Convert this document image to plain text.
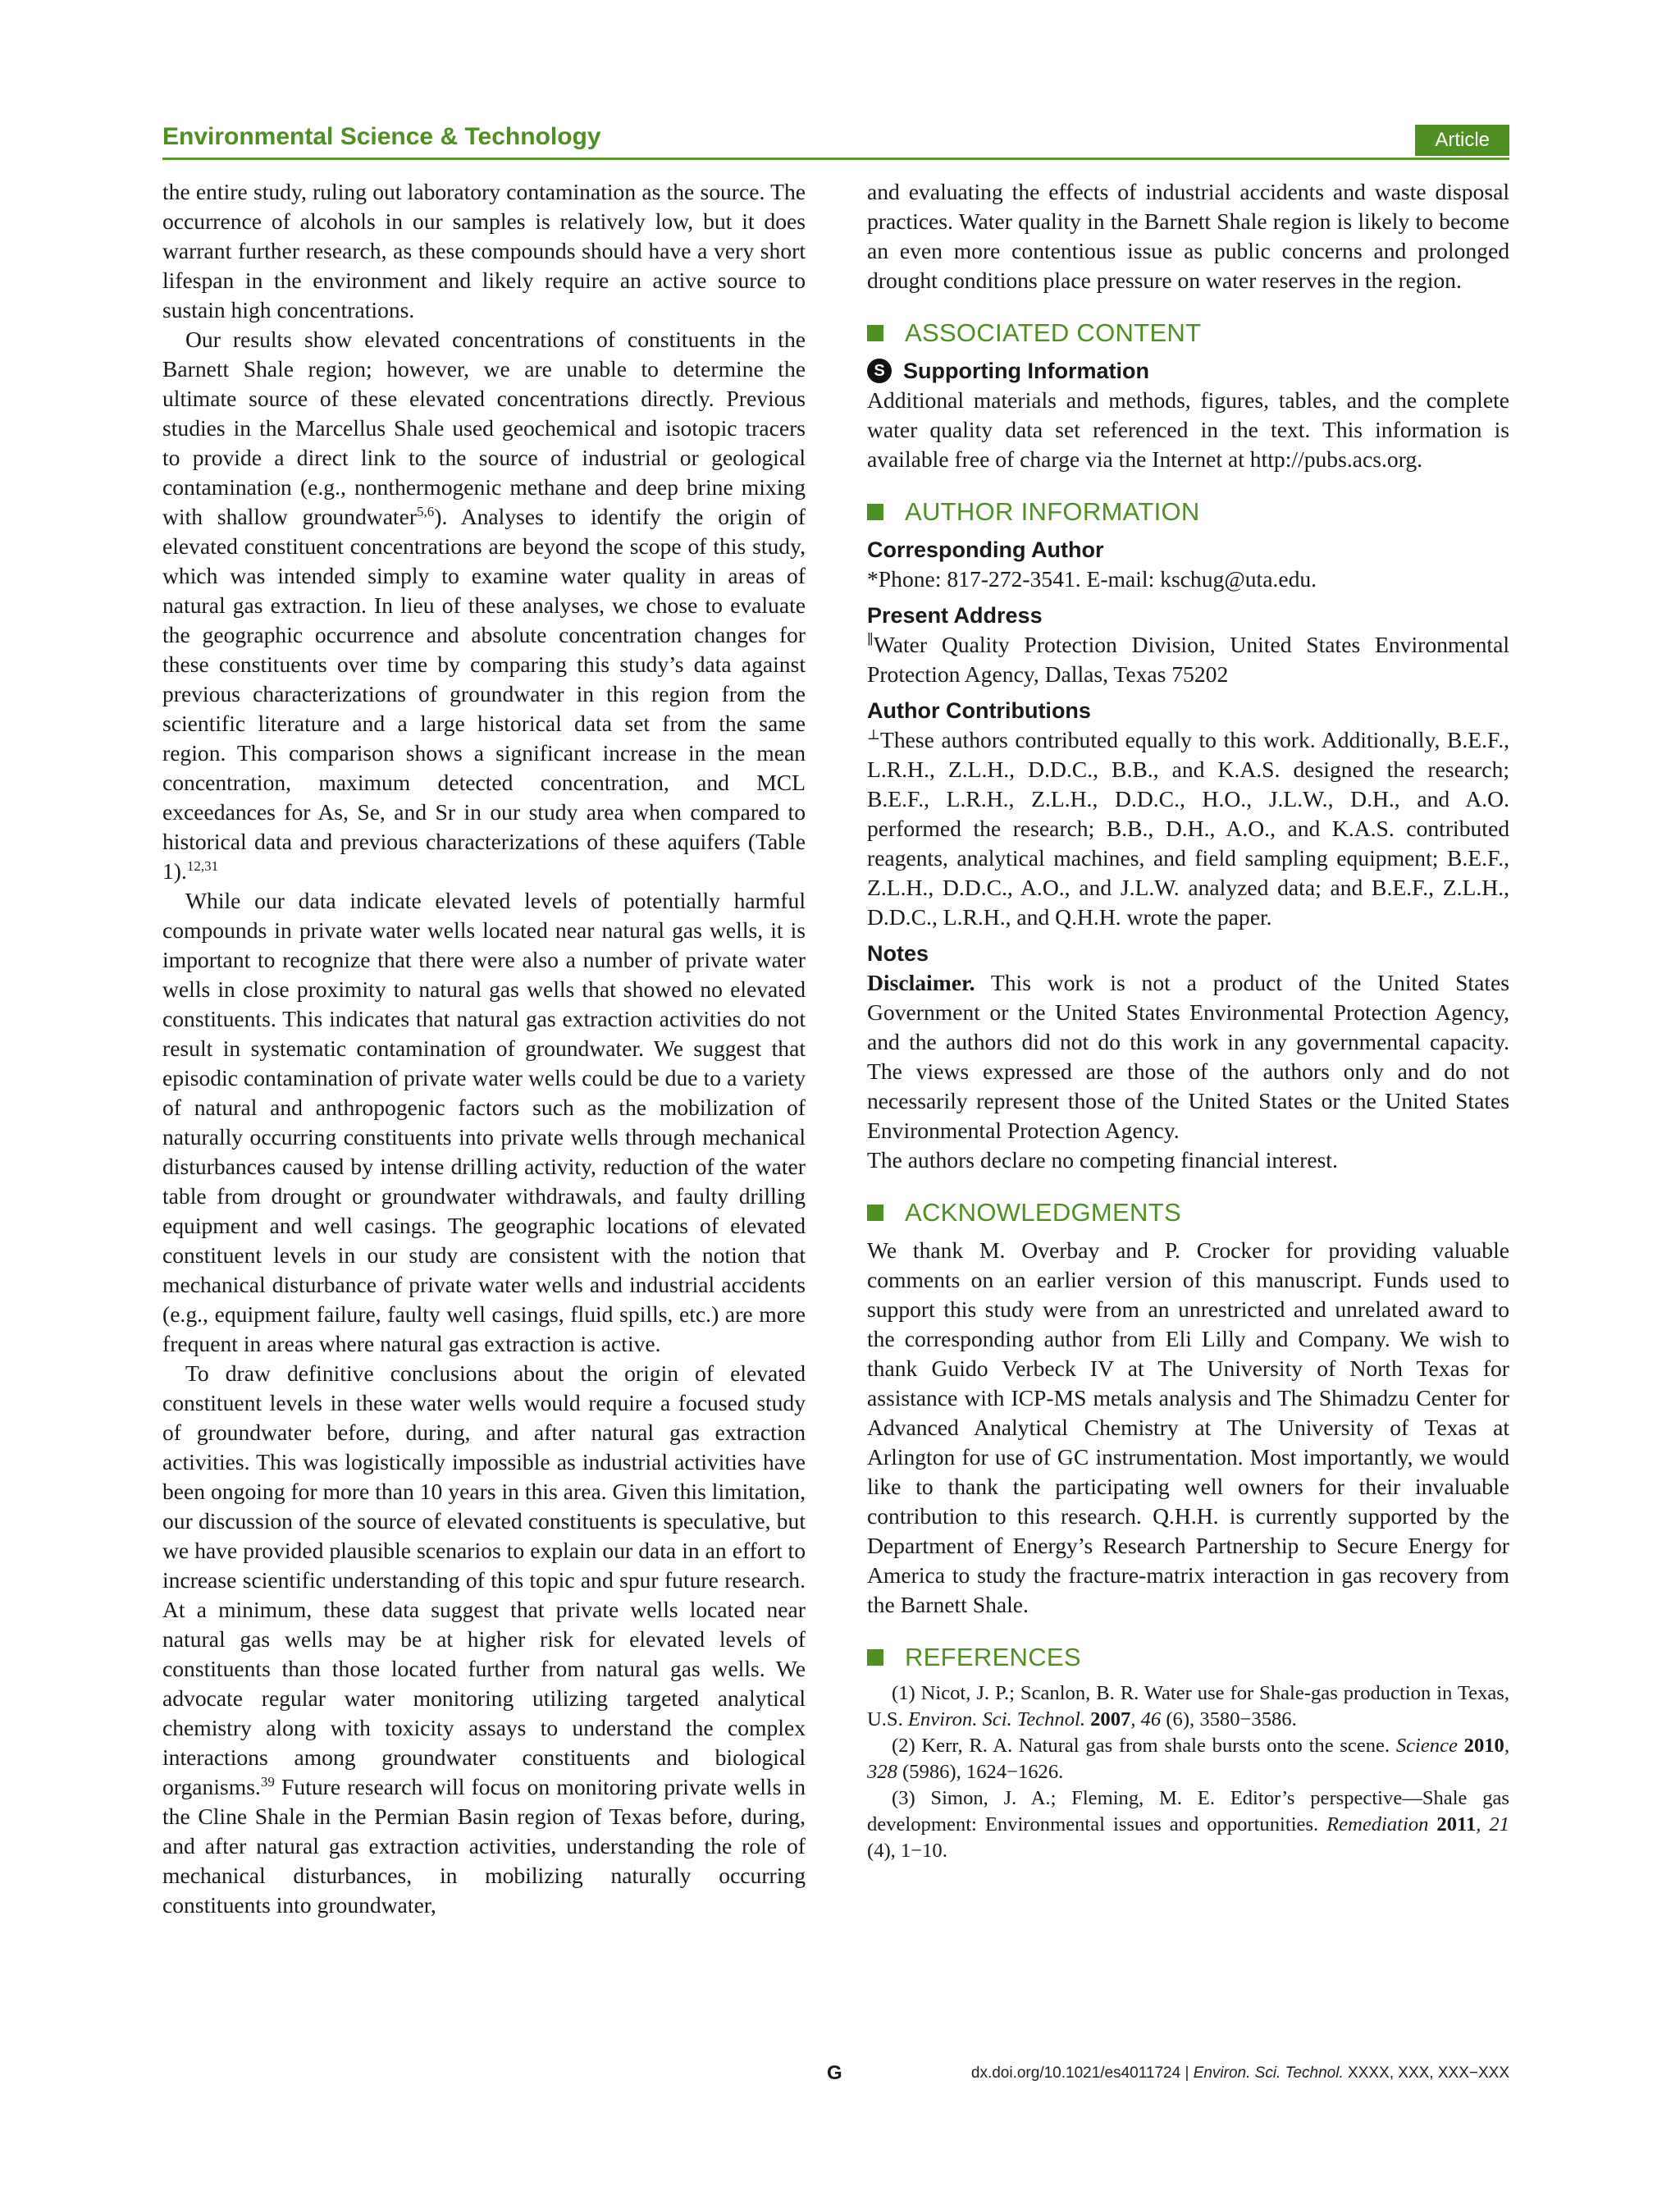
Environmental Science & Technology	Article

the entire study, ruling out laboratory contamination as the source. The occurrence of alcohols in our samples is relatively low, but it does warrant further research, as these compounds should have a very short lifespan in the environment and likely require an active source to sustain high concentrations.

Our results show elevated concentrations of constituents in the Barnett Shale region; however, we are unable to determine the ultimate source of these elevated concentrations directly. Previous studies in the Marcellus Shale used geochemical and isotopic tracers to provide a direct link to the source of industrial or geological contamination (e.g., nonthermogenic methane and deep brine mixing with shallow groundwater$^{5,6}$). Analyses to identify the origin of elevated constituent concentrations are beyond the scope of this study, which was intended simply to examine water quality in areas of natural gas extraction. In lieu of these analyses, we chose to evaluate the geographic occurrence and absolute concentration changes for these constituents over time by comparing this study’s data against previous characterizations of groundwater in this region from the scientific literature and a large historical data set from the same region. This comparison shows a significant increase in the mean concentration, maximum detected concentration, and MCL exceedances for As, Se, and Sr in our study area when compared to historical data and previous characterizations of these aquifers (Table 1).$^{12,31}$

While our data indicate elevated levels of potentially harmful compounds in private water wells located near natural gas wells, it is important to recognize that there were also a number of private water wells in close proximity to natural gas wells that showed no elevated constituents. This indicates that natural gas extraction activities do not result in systematic contamination of groundwater. We suggest that episodic contamination of private water wells could be due to a variety of natural and anthropogenic factors such as the mobilization of naturally occurring constituents into private wells through mechanical disturbances caused by intense drilling activity, reduction of the water table from drought or groundwater withdrawals, and faulty drilling equipment and well casings. The geographic locations of elevated constituent levels in our study are consistent with the notion that mechanical disturbance of private water wells and industrial accidents (e.g., equipment failure, faulty well casings, fluid spills, etc.) are more frequent in areas where natural gas extraction is active.

To draw definitive conclusions about the origin of elevated constituent levels in these water wells would require a focused study of groundwater before, during, and after natural gas extraction activities. This was logistically impossible as industrial activities have been ongoing for more than 10 years in this area. Given this limitation, our discussion of the source of elevated constituents is speculative, but we have provided plausible scenarios to explain our data in an effort to increase scientific understanding of this topic and spur future research. At a minimum, these data suggest that private wells located near natural gas wells may be at higher risk for elevated levels of constituents than those located further from natural gas wells. We advocate regular water monitoring utilizing targeted analytical chemistry along with toxicity assays to understand the complex interactions among groundwater constituents and biological organisms.$^{39}$ Future research will focus on monitoring private wells in the Cline Shale in the Permian Basin region of Texas before, during, and after natural gas extraction activities, understanding the role of mechanical disturbances, in mobilizing naturally occurring constituents into groundwater,

and evaluating the effects of industrial accidents and waste disposal practices. Water quality in the Barnett Shale region is likely to become an even more contentious issue as public concerns and prolonged drought conditions place pressure on water reserves in the region.

ASSOCIATED CONTENT
S Supporting Information

Additional materials and methods, figures, tables, and the complete water quality data set referenced in the text. This information is available free of charge via the Internet at http://pubs.acs.org.

AUTHOR INFORMATION
Corresponding Author

*Phone: 817-272-3541. E-mail: kschug@uta.edu.

Present Address

∥Water Quality Protection Division, United States Environmental Protection Agency, Dallas, Texas 75202

Author Contributions

⊥These authors contributed equally to this work. Additionally, B.E.F., L.R.H., Z.L.H., D.D.C., B.B., and K.A.S. designed the research; B.E.F., L.R.H., Z.L.H., D.D.C., H.O., J.L.W., D.H., and A.O. performed the research; B.B., D.H., A.O., and K.A.S. contributed reagents, analytical machines, and field sampling equipment; B.E.F., Z.L.H., D.D.C., A.O., and J.L.W. analyzed data; and B.E.F., Z.L.H., D.D.C., L.R.H., and Q.H.H. wrote the paper.

Notes

Disclaimer. This work is not a product of the United States Government or the United States Environmental Protection Agency, and the authors did not do this work in any governmental capacity. The views expressed are those of the authors only and do not necessarily represent those of the United States or the United States Environmental Protection Agency.

The authors declare no competing financial interest.

ACKNOWLEDGMENTS

We thank M. Overbay and P. Crocker for providing valuable comments on an earlier version of this manuscript. Funds used to support this study were from an unrestricted and unrelated award to the corresponding author from Eli Lilly and Company. We wish to thank Guido Verbeck IV at The University of North Texas for assistance with ICP-MS metals analysis and The Shimadzu Center for Advanced Analytical Chemistry at The University of Texas at Arlington for use of GC instrumentation. Most importantly, we would like to thank the participating well owners for their invaluable contribution to this research. Q.H.H. is currently supported by the Department of Energy’s Research Partnership to Secure Energy for America to study the fracture-matrix interaction in gas recovery from the Barnett Shale.

REFERENCES

(1) Nicot, J. P.; Scanlon, B. R. Water use for Shale-gas production in Texas, U.S. Environ. Sci. Technol. 2007, 46 (6), 3580−3586.

(2) Kerr, R. A. Natural gas from shale bursts onto the scene. Science 2010, 328 (5986), 1624−1626.

(3) Simon, J. A.; Fleming, M. E. Editor’s perspective—Shale gas development: Environmental issues and opportunities. Remediation 2011, 21 (4), 1−10.

G	dx.doi.org/10.1021/es4011724 | Environ. Sci. Technol. XXXX, XXX, XXX−XXX
